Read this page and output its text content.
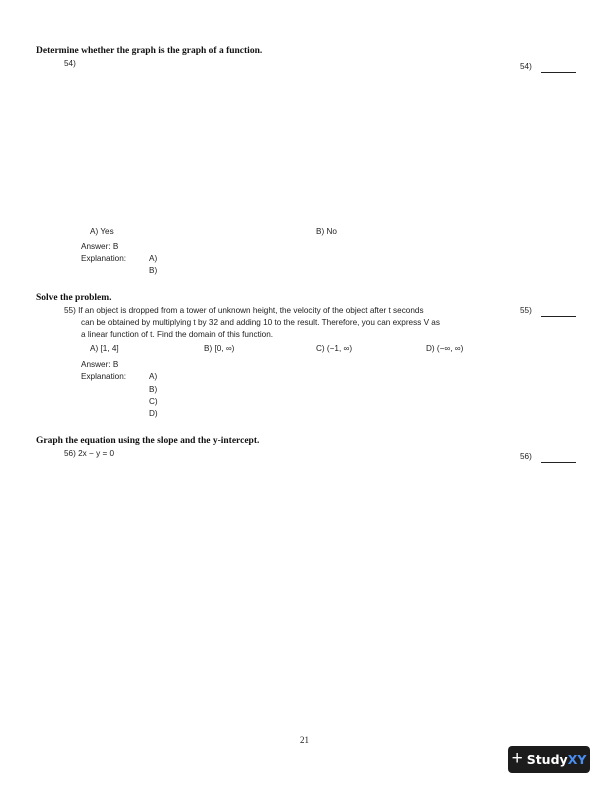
Determine whether the graph is the graph of a function.
54)	54)
A) Yes	B) No
Answer: B
Explanation:	A)
B)
Solve the problem.
55) If an object is dropped from a tower of unknown height, the velocity of the object after t seconds
can be obtained by multiplying t by 32 and adding 10 to the result. Therefore, you can express V as
a linear function of t. Find the domain of this function.
55)
A) [1, 4]	B) [0, ∞)	C) (−1, ∞)	D) (−∞, ∞)
Answer: B
Explanation:	A)
B)
C)
D)
Graph the equation using the slope and the y-intercept.
56) 2x − y = 0	56)
21
+ StudyXY
